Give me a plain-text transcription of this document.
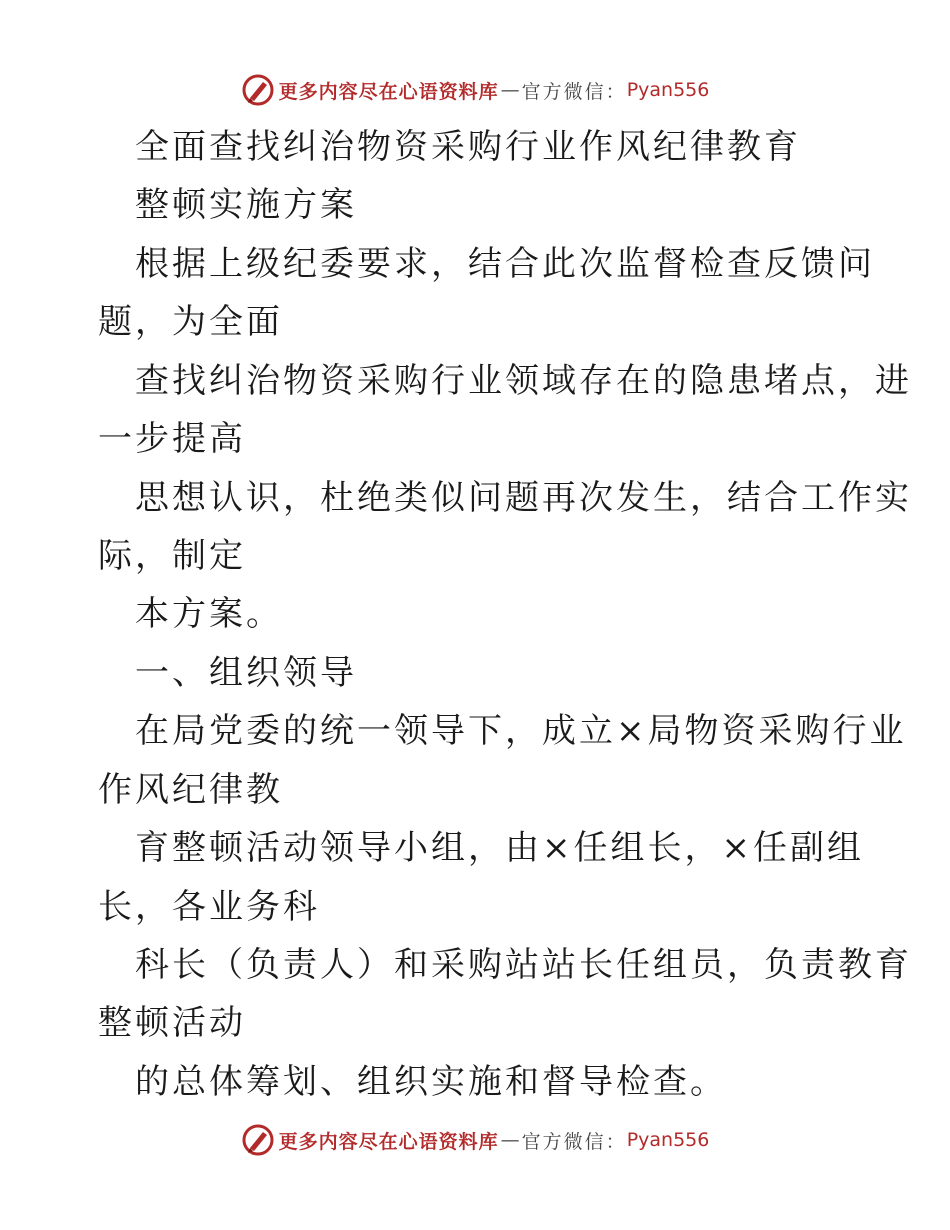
更多内容尽在心语资料库 — 官方微信： Pyan556
全面查找纠治物资采购行业作风纪律教育
整顿实施方案
根据上级纪委要求，结合此次监督检查反馈问
题，为全面
查找纠治物资采购行业领域存在的隐患堵点，进
一步提高
思想认识，杜绝类似问题再次发生，结合工作实
际，制定
本方案。
一、组织领导
在局党委的统一领导下，成立×局物资采购行业
作风纪律教
育整顿活动领导小组，由×任组长，×任副组
长，各业务科
科长（负责人）和采购站站长任组员，负责教育
整顿活动
的总体筹划、组织实施和督导检查。
更多内容尽在心语资料库 — 官方微信： Pyan556
